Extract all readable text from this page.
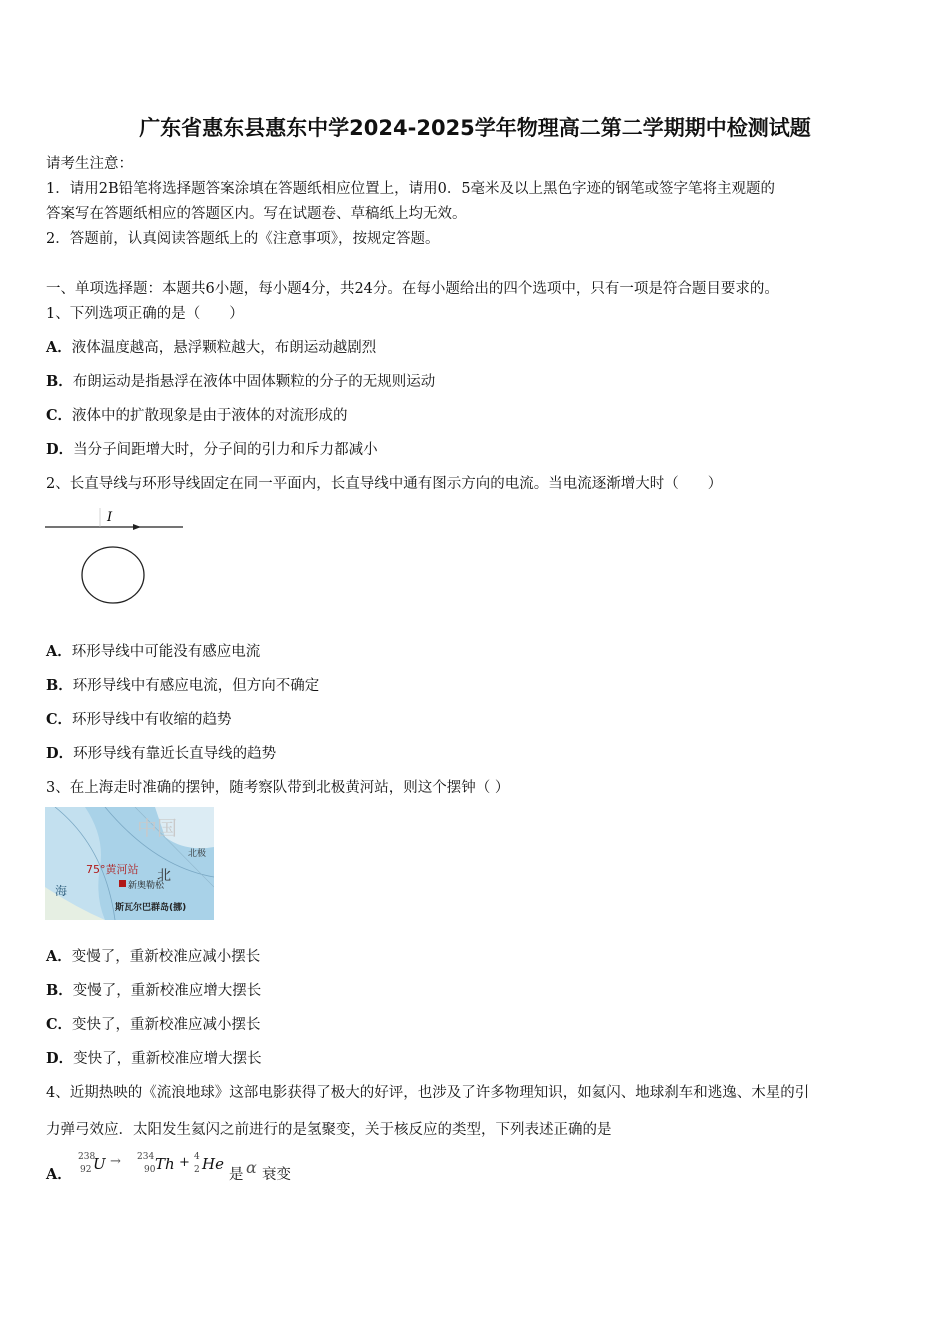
广东省惠东县惠东中学2024-2025学年物理高二第二学期期中检测试题
请考生注意：
1．请用2B铅笔将选择题答案涂填在答题纸相应位置上，请用0．5毫米及以上黑色字迹的钢笔或签字笔将主观题的
答案写在答题纸相应的答题区内。写在试题卷、草稿纸上均无效。
2．答题前，认真阅读答题纸上的《注意事项》，按规定答题。
一、单项选择题：本题共6小题，每小题4分，共24分。在每小题给出的四个选项中，只有一项是符合题目要求的。
1、下列选项正确的是（　　）
A．液体温度越高，悬浮颗粒越大，布朗运动越剧烈
B．布朗运动是指悬浮在液体中固体颗粒的分子的无规则运动
C．液体中的扩散现象是由于液体的对流形成的
D．当分子间距增大时，分子间的引力和斥力都减小
2、长直导线与环形导线固定在同一平面内，长直导线中通有图示方向的电流。当电流逐渐增大时（　　）
I
A．环形导线中可能没有感应电流
B．环形导线中有感应电流，但方向不确定
C．环形导线中有收缩的趋势
D．环形导线有靠近长直导线的趋势
3、在上海走时准确的摆钟，随考察队带到北极黄河站，则这个摆钟（ ）
中国
北极
75°黄河站 北
新奥勒松
海
斯瓦尔巴群岛(挪)
A．变慢了，重新校准应减小摆长
B．变慢了，重新校准应增大摆长
C．变快了，重新校准应减小摆长
D．变快了，重新校准应增大摆长
4、近期热映的《流浪地球》这部电影获得了极大的好评，也涉及了许多物理知识，如氦闪、地球刹车和逃逸、木星的引
力弹弓效应．太阳发生氦闪之前进行的是氢聚变，关于核反应的类型，下列表述正确的是
A．
238
92 U → 234
90 Th + 4
2 He
是 α 衰变
